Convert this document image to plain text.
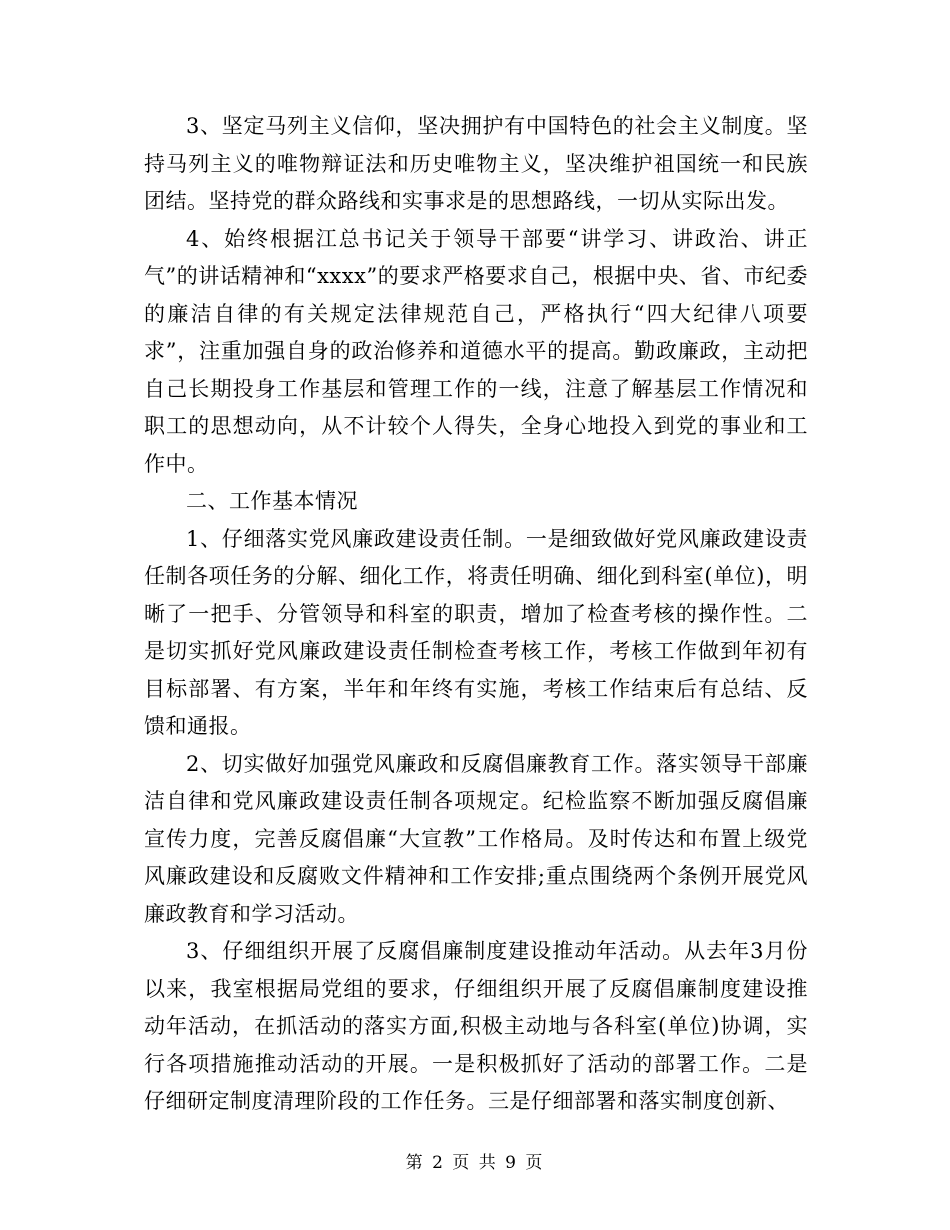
3、坚定马列主义信仰，坚决拥护有中国特色的社会主义制度。坚持马列主义的唯物辩证法和历史唯物主义，坚决维护祖国统一和民族团结。坚持党的群众路线和实事求是的思想路线，一切从实际出发。

4、始终根据江总书记关于领导干部要“讲学习、讲政治、讲正气”的讲话精神和“xxxx”的要求严格要求自己，根据中央、省、市纪委的廉洁自律的有关规定法律规范自己，严格执行“四大纪律八项要求”，注重加强自身的政治修养和道德水平的提高。勤政廉政，主动把自己长期投身工作基层和管理工作的一线，注意了解基层工作情况和职工的思想动向，从不计较个人得失，全身心地投入到党的事业和工作中。

二、工作基本情况

1、仔细落实党风廉政建设责任制。一是细致做好党风廉政建设责任制各项任务的分解、细化工作，将责任明确、细化到科室(单位)，明晰了一把手、分管领导和科室的职责，增加了检查考核的操作性。二是切实抓好党风廉政建设责任制检查考核工作，考核工作做到年初有目标部署、有方案，半年和年终有实施，考核工作结束后有总结、反馈和通报。

2、切实做好加强党风廉政和反腐倡廉教育工作。落实领导干部廉洁自律和党风廉政建设责任制各项规定。纪检监察不断加强反腐倡廉宣传力度，完善反腐倡廉“大宣教”工作格局。及时传达和布置上级党风廉政建设和反腐败文件精神和工作安排;重点围绕两个条例开展党风廉政教育和学习活动。

3、仔细组织开展了反腐倡廉制度建设推动年活动。从去年3月份以来，我室根据局党组的要求，仔细组织开展了反腐倡廉制度建设推动年活动，在抓活动的落实方面,积极主动地与各科室(单位)协调，实行各项措施推动活动的开展。一是积极抓好了活动的部署工作。二是仔细研定制度清理阶段的工作任务。三是仔细部署和落实制度创新、

第 2 页 共 9 页
